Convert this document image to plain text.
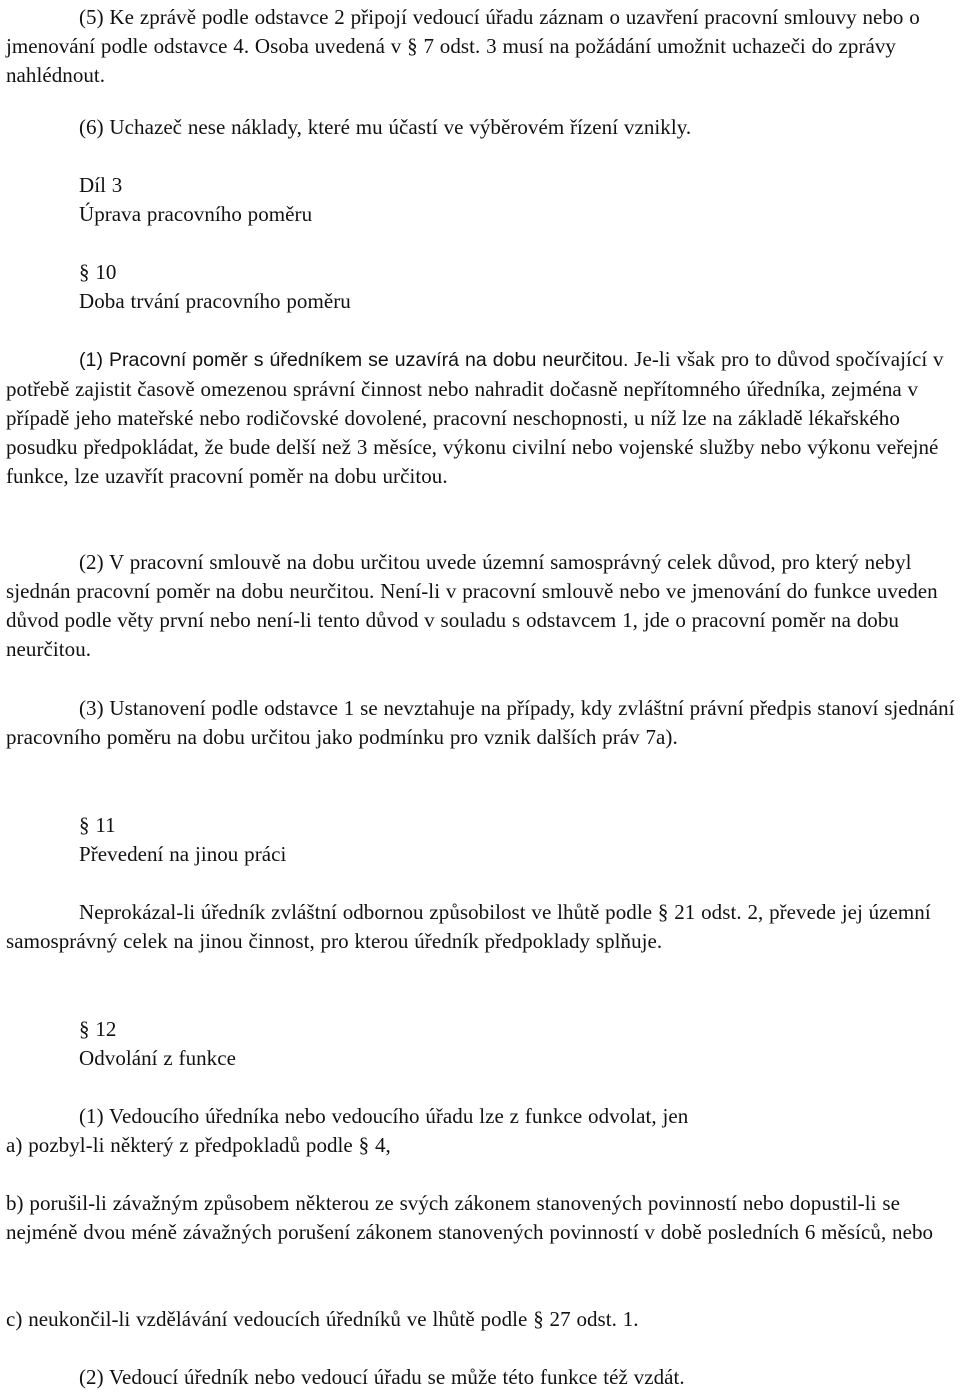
(5) Ke zprávě podle odstavce 2 připojí vedoucí úřadu záznam o uzavření pracovní smlouvy nebo o jmenování podle odstavce 4. Osoba uvedená v § 7 odst. 3 musí na požádání umožnit uchazeči do zprávy nahlédnout.

(6) Uchazeč nese náklady, které mu účastí ve výběrovém řízení vznikly.

Díl 3

Úprava pracovního poměru

§ 10

Doba trvání pracovního poměru

(1) Pracovní poměr s úředníkem se uzavírá na dobu neurčitou. Je-li však pro to důvod spočívající v potřebě zajistit časově omezenou správní činnost nebo nahradit dočasně nepřítomného úředníka, zejména v případě jeho mateřské nebo rodičovské dovolené, pracovní neschopnosti, u níž lze na základě lékařského posudku předpokládat, že bude delší než 3 měsíce, výkonu civilní nebo vojenské služby nebo výkonu veřejné funkce, lze uzavřít pracovní poměr na dobu určitou.

(2) V pracovní smlouvě na dobu určitou uvede územní samosprávný celek důvod, pro který nebyl sjednán pracovní poměr na dobu neurčitou. Není-li v pracovní smlouvě nebo ve jmenování do funkce uveden důvod podle věty první nebo není-li tento důvod v souladu s odstavcem 1, jde o pracovní poměr na dobu neurčitou.

(3) Ustanovení podle odstavce 1 se nevztahuje na případy, kdy zvláštní právní předpis stanoví sjednání pracovního poměru na dobu určitou jako podmínku pro vznik dalších práv 7a).

§ 11

Převedení na jinou práci

Neprokázal-li úředník zvláštní odbornou způsobilost ve lhůtě podle § 21 odst. 2, převede jej územní samosprávný celek na jinou činnost, pro kterou úředník předpoklady splňuje.

§ 12

Odvolání z funkce

(1) Vedoucího úředníka nebo vedoucího úřadu lze z funkce odvolat, jen

a) pozbyl-li některý z předpokladů podle § 4,

b) porušil-li závažným způsobem některou ze svých zákonem stanovených povinností nebo dopustil-li se nejméně dvou méně závažných porušení zákonem stanovených povinností v době posledních 6 měsíců, nebo

c) neukončil-li vzdělávání vedoucích úředníků ve lhůtě podle § 27 odst. 1.

(2) Vedoucí úředník nebo vedoucí úřadu se může této funkce též vzdát.
